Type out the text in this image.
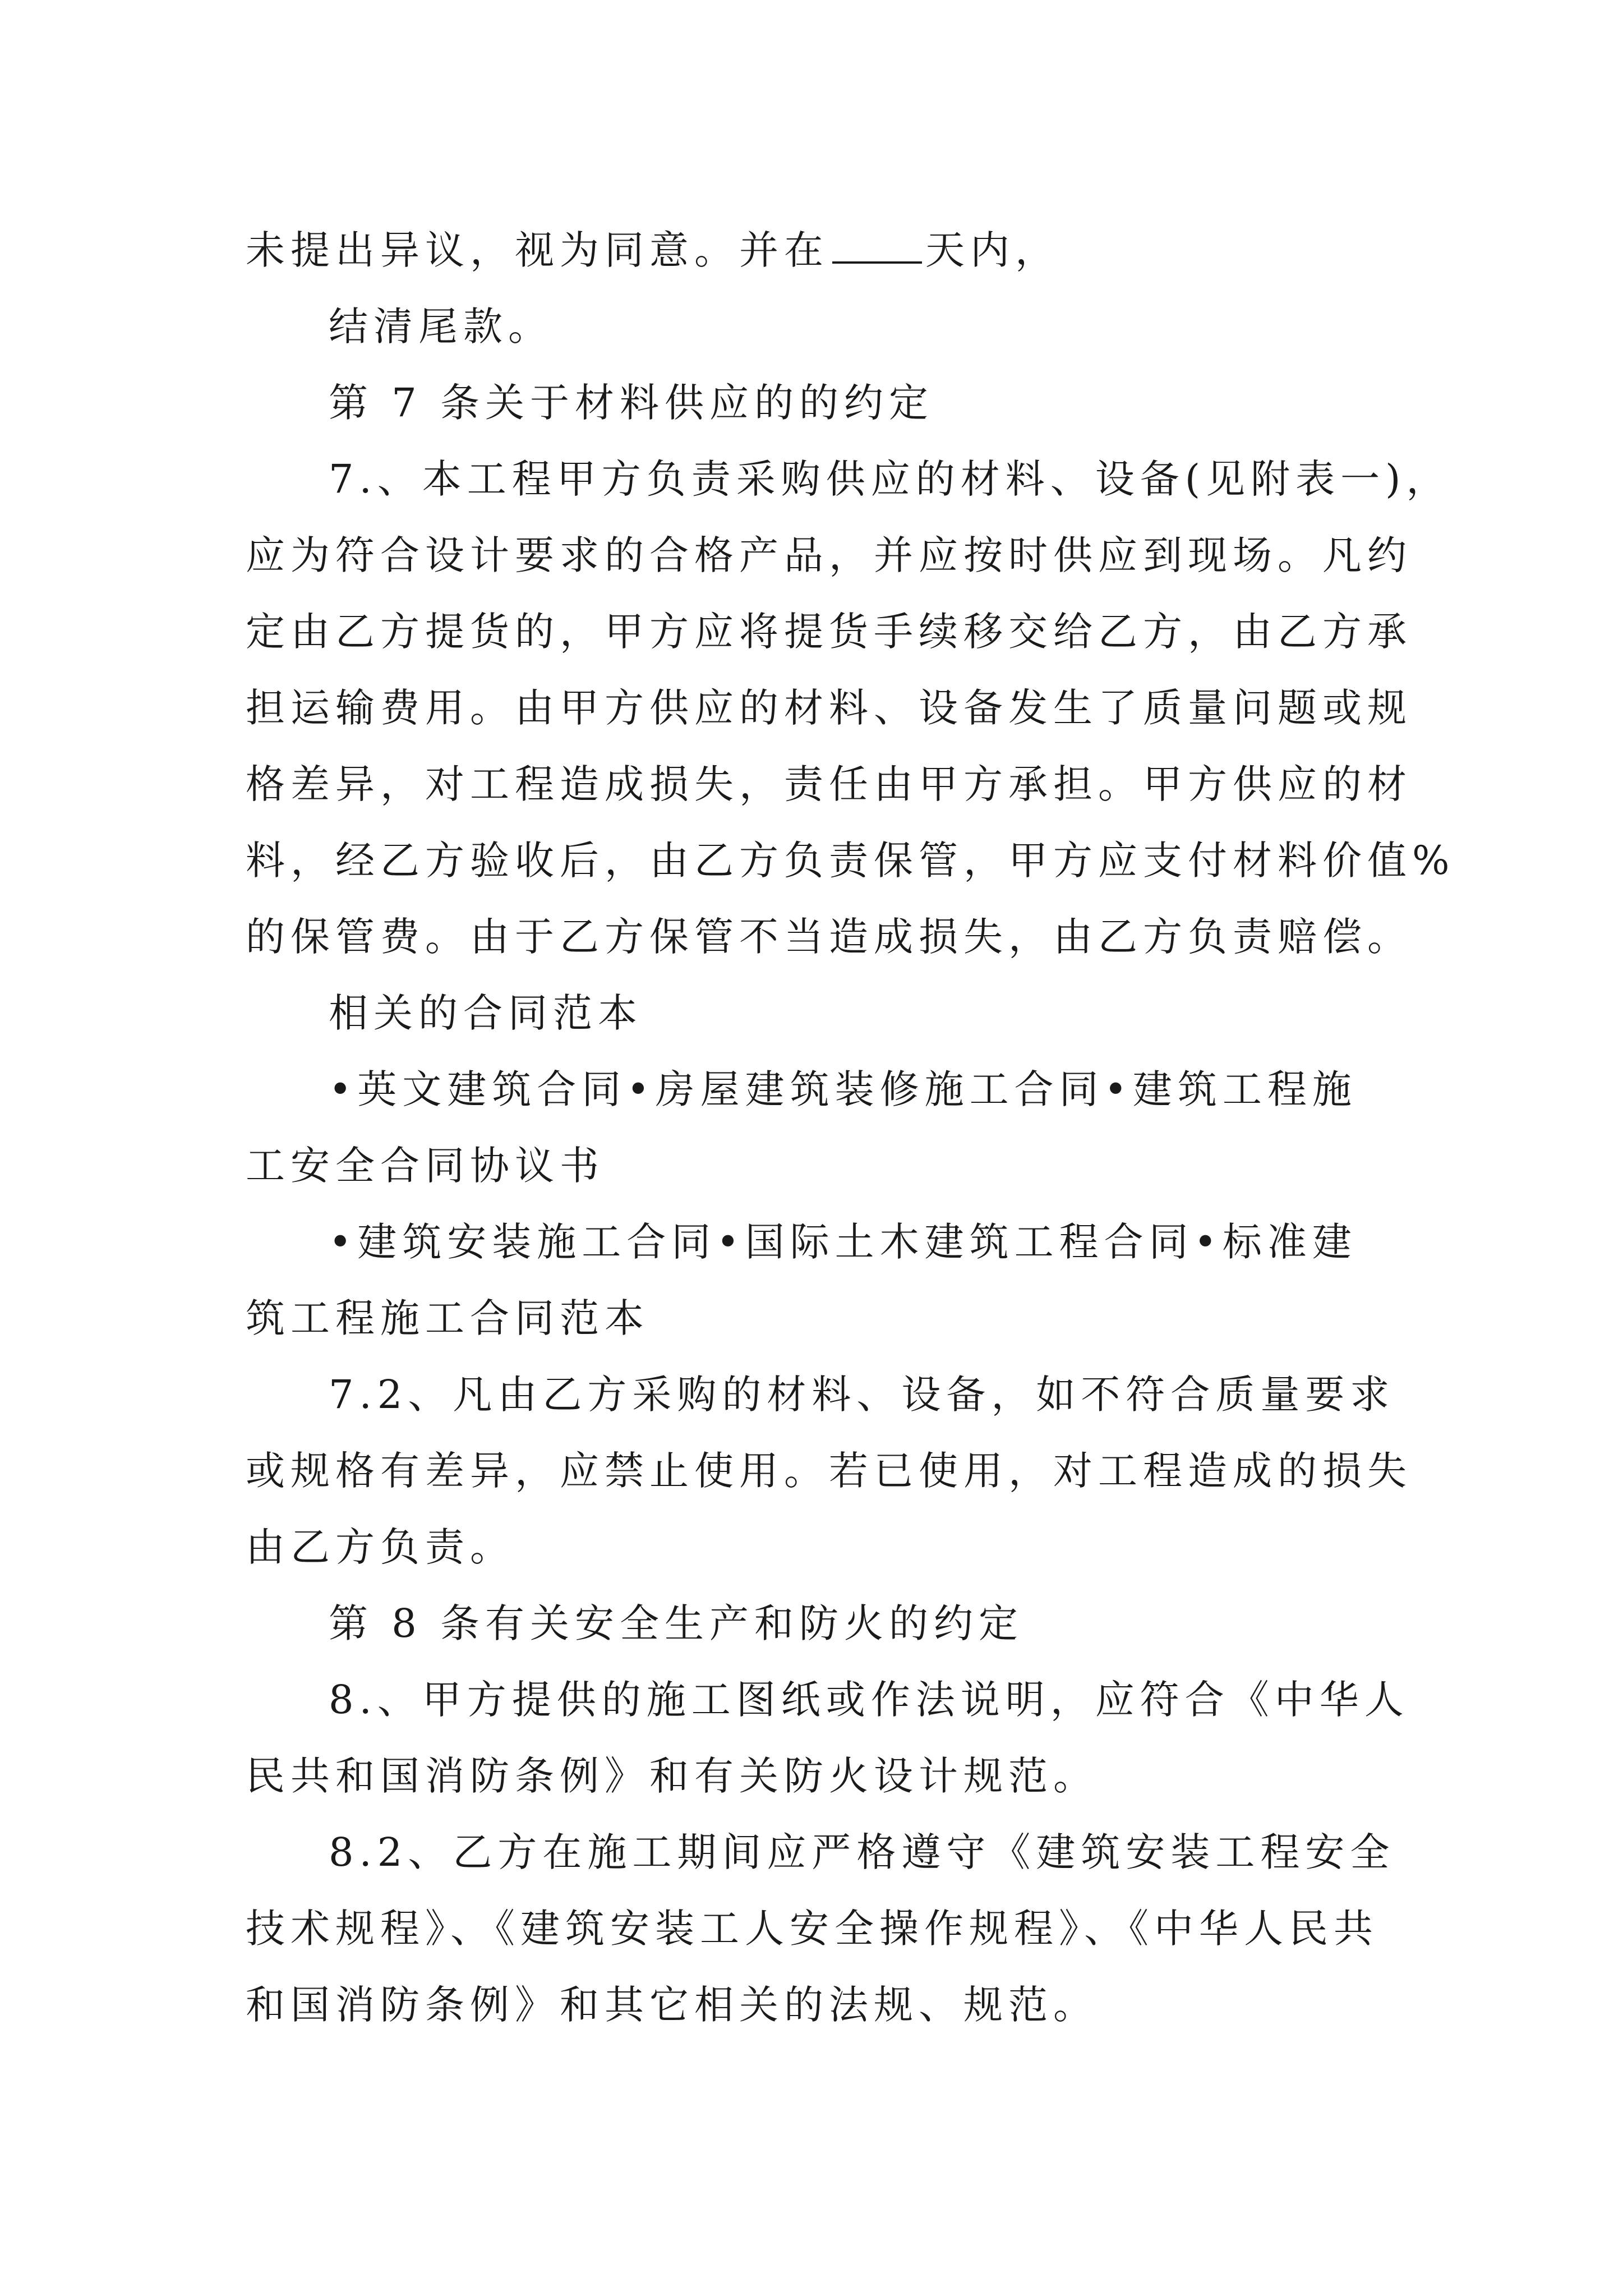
未提出异议，视为同意。并在 天内，
结清尾款。
第 7 条关于材料供应的的约定
7.、本工程甲方负责采购供应的材料、设备(见附表一)，
应为符合设计要求的合格产品，并应按时供应到现场。凡约
定由乙方提货的，甲方应将提货手续移交给乙方，由乙方承
担运输费用。由甲方供应的材料、设备发生了质量问题或规
格差异，对工程造成损失，责任由甲方承担。甲方供应的材
料，经乙方验收后，由乙方负责保管，甲方应支付材料价值%
的保管费。由于乙方保管不当造成损失，由乙方负责赔偿。
相关的合同范本
•英文建筑合同•房屋建筑装修施工合同•建筑工程施
工安全合同协议书
•建筑安装施工合同•国际土木建筑工程合同•标准建
筑工程施工合同范本
7.2、凡由乙方采购的材料、设备，如不符合质量要求
或规格有差异，应禁止使用。若已使用，对工程造成的损失
由乙方负责。
第 8 条有关安全生产和防火的约定
8.、甲方提供的施工图纸或作法说明，应符合《中华人
民共和国消防条例》和有关防火设计规范。
8.2、乙方在施工期间应严格遵守《建筑安装工程安全
技术规程》、《建筑安装工人安全操作规程》、《中华人民共
和国消防条例》和其它相关的法规、规范。
